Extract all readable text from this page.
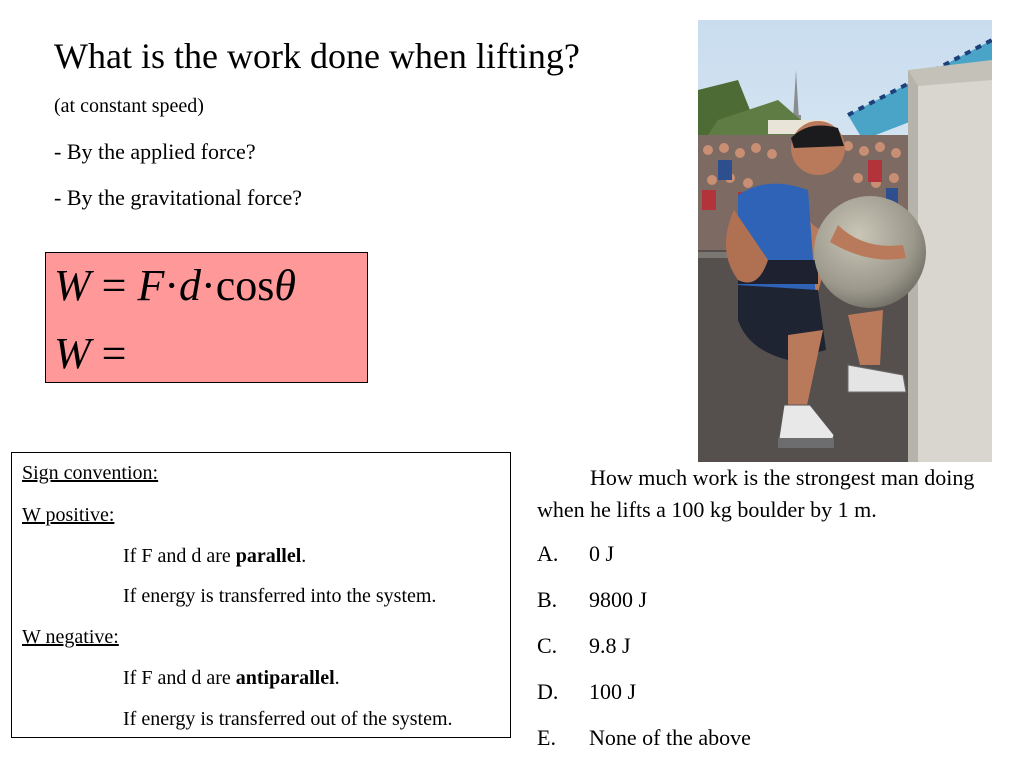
What is the work done when lifting?
(at constant speed)
- By the applied force?
- By the gravitational force?
W = F·d·cosθ
W =
Sign convention:
W positive:
If F and d are parallel.
If energy is transferred into the system.
W negative:
If F and d are antiparallel.
If energy is transferred out of the system.
How much work is the strongest man doing when he lifts a 100 kg boulder by 1 m.
A. 0 J
B. 9800 J
C. 9.8 J
D. 100 J
E. None of the above
